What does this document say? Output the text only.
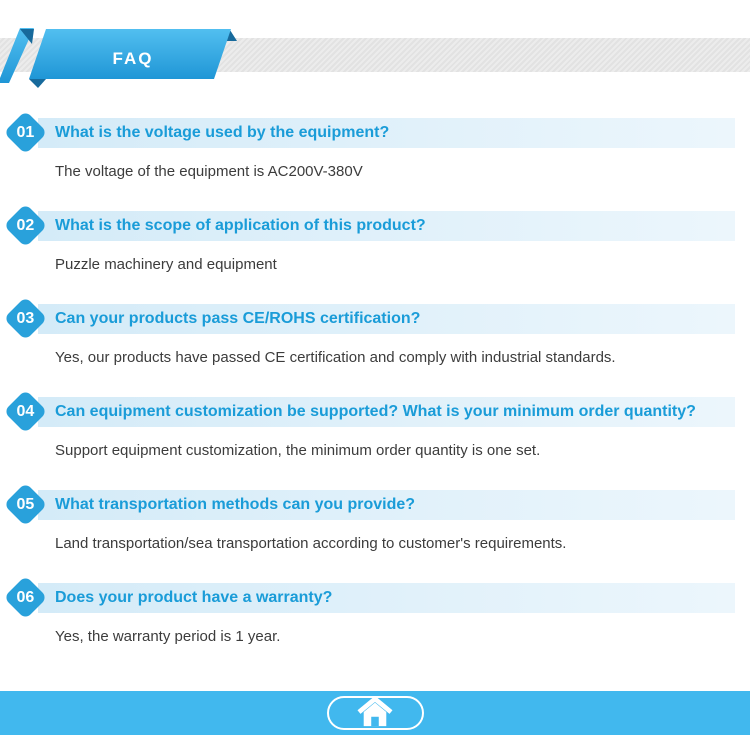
FAQ
What is the voltage used by the equipment?
01
The voltage of the equipment is AC200V-380V
What is the scope of application of this product?
02
Puzzle machinery and equipment
Can your products pass CE/ROHS certification?
03
Yes, our products have passed CE certification and comply with industrial standards.
Can equipment customization be supported? What is your minimum order quantity?
04
Support equipment customization, the minimum order quantity is one set.
What transportation methods can you provide?
05
Land transportation/sea transportation according to customer's requirements.
Does your product have a warranty?
06
Yes, the warranty period is 1 year.
